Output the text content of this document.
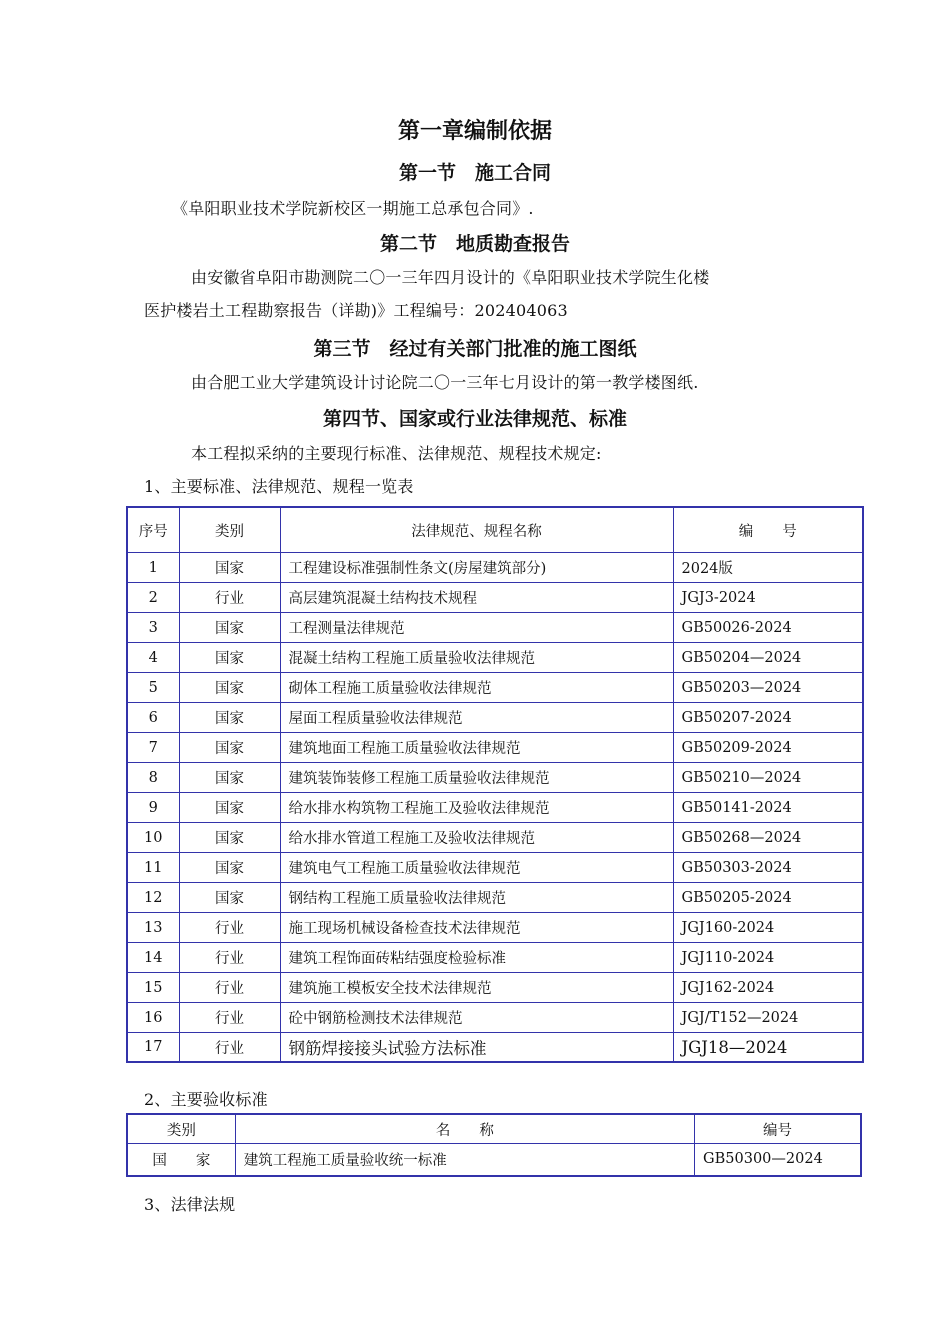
第一章编制依据
第一节　施工合同
《阜阳职业技术学院新校区一期施工总承包合同》.
第二节　地质勘查报告
由安徽省阜阳市勘测院二〇一三年四月设计的《阜阳职业技术学院生化楼
医护楼岩土工程勘察报告（详勘)》工程编号：202404063
第三节　经过有关部门批准的施工图纸
由合肥工业大学建筑设计讨论院二〇一三年七月设计的第一教学楼图纸.
第四节、国家或行业法律规范、标准
本工程拟采纳的主要现行标准、法律规范、规程技术规定:
1、主要标准、法律规范、规程一览表
序号	类别	法律规范、规程名称	编　　号
1	国家	工程建设标准强制性条文(房屋建筑部分)	2024版
2	行业	高层建筑混凝土结构技术规程	JGJ3-2024
3	国家	工程测量法律规范	GB50026-2024
4	国家	混凝土结构工程施工质量验收法律规范	GB50204—2024
5	国家	砌体工程施工质量验收法律规范	GB50203—2024
6	国家	屋面工程质量验收法律规范	GB50207-2024
7	国家	建筑地面工程施工质量验收法律规范	GB50209-2024
8	国家	建筑装饰装修工程施工质量验收法律规范	GB50210—2024
9	国家	给水排水构筑物工程施工及验收法律规范	GB50141-2024
10	国家	给水排水管道工程施工及验收法律规范	GB50268—2024
11	国家	建筑电气工程施工质量验收法律规范	GB50303-2024
12	国家	钢结构工程施工质量验收法律规范	GB50205-2024
13	行业	施工现场机械设备检查技术法律规范	JGJ160-2024
14	行业	建筑工程饰面砖粘结强度检验标准	JGJ110-2024
15	行业	建筑施工模板安全技术法律规范	JGJ162-2024
16	行业	砼中钢筋检测技术法律规范	JGJ/T152—2024
17	行业	钢筋焊接接头试验方法标准	JGJ18—2024
2、主要验收标准
类别	名　　称	编号
国　　家	建筑工程施工质量验收统一标准	GB50300—2024
3、法律法规
